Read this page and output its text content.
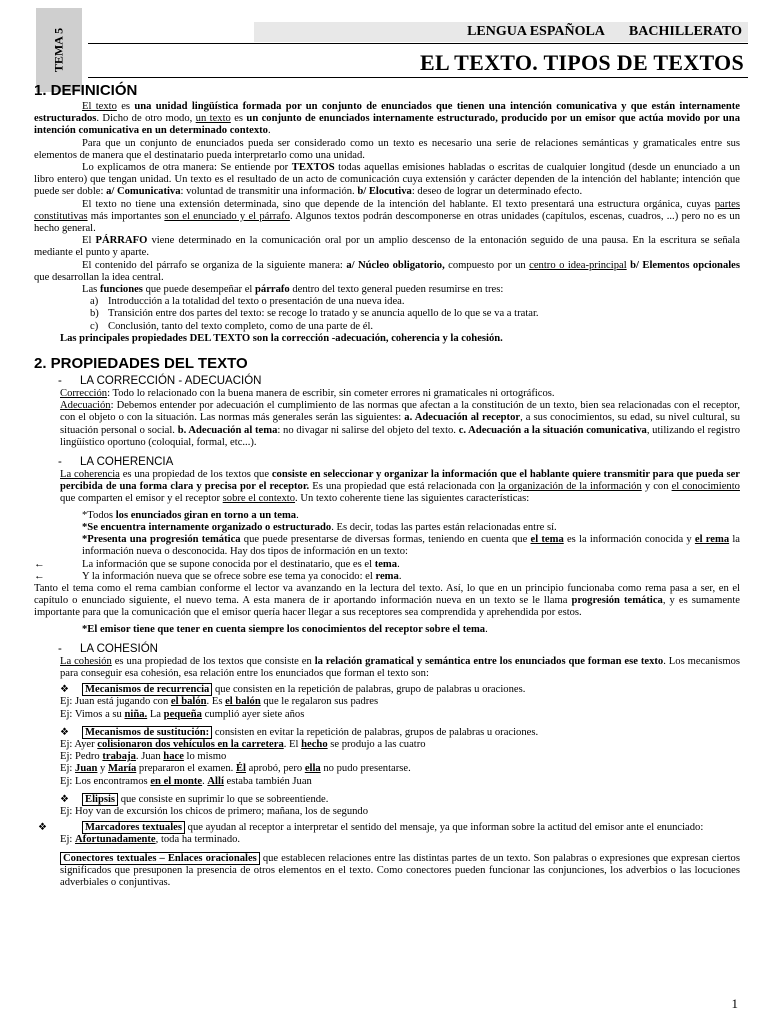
TEMA 5	LENGUA ESPAÑOLA BACHILLERATO
EL TEXTO. TIPOS DE TEXTOS
1. DEFINICIÓN

El texto es una unidad lingüística formada por un conjunto de enunciados que tienen una intención comunicativa y que están internamente estructurados. Dicho de otro modo, un texto es un conjunto de enunciados internamente estructurado, producido por un emisor que actúa movido por una intención comunicativa en un determinado contexto.

Para que un conjunto de enunciados pueda ser considerado como un texto es necesario una serie de relaciones semánticas y gramaticales entre sus elementos de manera que el destinatario pueda interpretarlo como una unidad.

Lo explicamos de otra manera: Se entiende por TEXTOS todas aquellas emisiones habladas o escritas de cualquier longitud (desde un enunciado a un libro entero) que tengan unidad. Un texto es el resultado de un acto de comunicación cuya extensión y carácter dependen de la intención del hablante; intención que puede ser doble: a/ Comunicativa: voluntad de transmitir una información. b/ Elocutiva: deseo de lograr un determinado efecto.

El texto no tiene una extensión determinada, sino que depende de la intención del hablante. El texto presentará una estructura orgánica, cuyas partes constitutivas más importantes son el enunciado y el párrafo. Algunos textos podrán descomponerse en otras unidades (capítulos, escenas, cuadros, ...) pero no es un hecho general.

El PÁRRAFO viene determinado en la comunicación oral por un amplio descenso de la entonación seguido de una pausa. En la escritura se señala mediante el punto y aparte.

El contenido del párrafo se organiza de la siguiente manera: a/ Núcleo obligatorio, compuesto por un centro o idea-principal b/ Elementos opcionales que desarrollan la idea central.

Las funciones que puede desempeñar el párrafo dentro del texto general pueden resumirse en tres:

a) Introducción a la totalidad del texto o presentación de una nueva idea.

b) Transición entre dos partes del texto: se recoge lo tratado y se anuncia aquello de lo que se va a tratar.

c) Conclusión, tanto del texto completo, como de una parte de él.

Las principales propiedades DEL TEXTO son la corrección -adecuación, coherencia y la cohesión.

2. PROPIEDADES DEL TEXTO
- LA CORRECCIÓN - ADECUACIÓN

Corrección: Todo lo relacionado con la buena manera de escribir, sin cometer errores ni gramaticales ni ortográficos.

Adecuación: Debemos entender por adecuación el cumplimiento de las normas que afectan a la constitución de un texto, bien sea relacionadas con el receptor, con el objeto o con la situación. Las normas más generales serán las siguientes: a. Adecuación al receptor, a sus conocimientos, su edad, su nivel cultural, su situación personal o social. b. Adecuación al tema: no divagar ni salirse del objeto del texto. c. Adecuación a la situación comunicativa, utilizando el registro lingüístico oportuno (coloquial, formal, etc...).

- LA COHERENCIA

La coherencia es una propiedad de los textos que consiste en seleccionar y organizar la información que el hablante quiere transmitir para que pueda ser percibida de una forma clara y precisa por el receptor. Es una propiedad que está relacionada con la organización de la información y con el conocimiento que comparten el emisor y el receptor sobre el contexto. Un texto coherente tiene las siguientes características:

*Todos los enunciados giran en torno a un tema.

*Se encuentra internamente organizado o estructurado. Es decir, todas las partes están relacionadas entre sí.

*Presenta una progresión temática que puede presentarse de diversas formas, teniendo en cuenta que el tema es la información conocida y el rema la información nueva o desconocida. Hay dos tipos de información en un texto:

←	La información que se supone conocida por el destinatario, que es el tema.

←	Y la información nueva que se ofrece sobre ese tema ya conocido: el rema.

Tanto el tema como el rema cambian conforme el lector va avanzando en la lectura del texto. Así, lo que en un principio funcionaba como rema pasa a ser, en el capítulo o enunciado siguiente, el nuevo tema. A esta manera de ir aportando información nueva en un texto se le llama progresión temática, y es sumamente importante para que la comunicación que el emisor quería hacer llegar a sus receptores sea comprendida y aprehendida por estos.

*El emisor tiene que tener en cuenta siempre los conocimientos del receptor sobre el tema.

- LA COHESIÓN

La cohesión es una propiedad de los textos que consiste en la relación gramatical y semántica entre los enunciados que forman ese texto. Los mecanismos para conseguir esa cohesión, esa relación entre los enunciados que forman el texto son:

❖ Mecanismos de recurrencia que consisten en la repetición de palabras, grupo de palabras u oraciones.

Ej: Juan está jugando con el balón. Es el balón que le regalaron sus padres

Ej: Vimos a su niña. La pequeña cumplió ayer siete años

❖ Mecanismos de sustitución: consisten en evitar la repetición de palabras, grupos de palabras u oraciones.

Ej: Ayer colisionaron dos vehículos en la carretera. El hecho se produjo a las cuatro

Ej: Pedro trabaja. Juan hace lo mismo

Ej: Juan y María prepararon el examen. Él aprobó, pero ella no pudo presentarse.

Ej: Los encontramos en el monte. Allí estaba también Juan

❖ Elipsis que consiste en suprimir lo que se sobreentiende.

Ej: Hoy van de excursión los chicos de primero; mañana, los de segundo

❖	Marcadores textuales que ayudan al receptor a interpretar el sentido del mensaje, ya que informan sobre la actitud del emisor ante el enunciado:

Ej: Afortunadamente, toda ha terminado.

Conectores textuales – Enlaces oracionales que establecen relaciones entre las distintas partes de un texto. Son palabras o expresiones que expresan ciertos significados que presuponen la presencia de otros elementos en el texto. Como conectores pueden funcionar las conjunciones, los adverbios o las locuciones adverbiales o conjuntivas.

1
